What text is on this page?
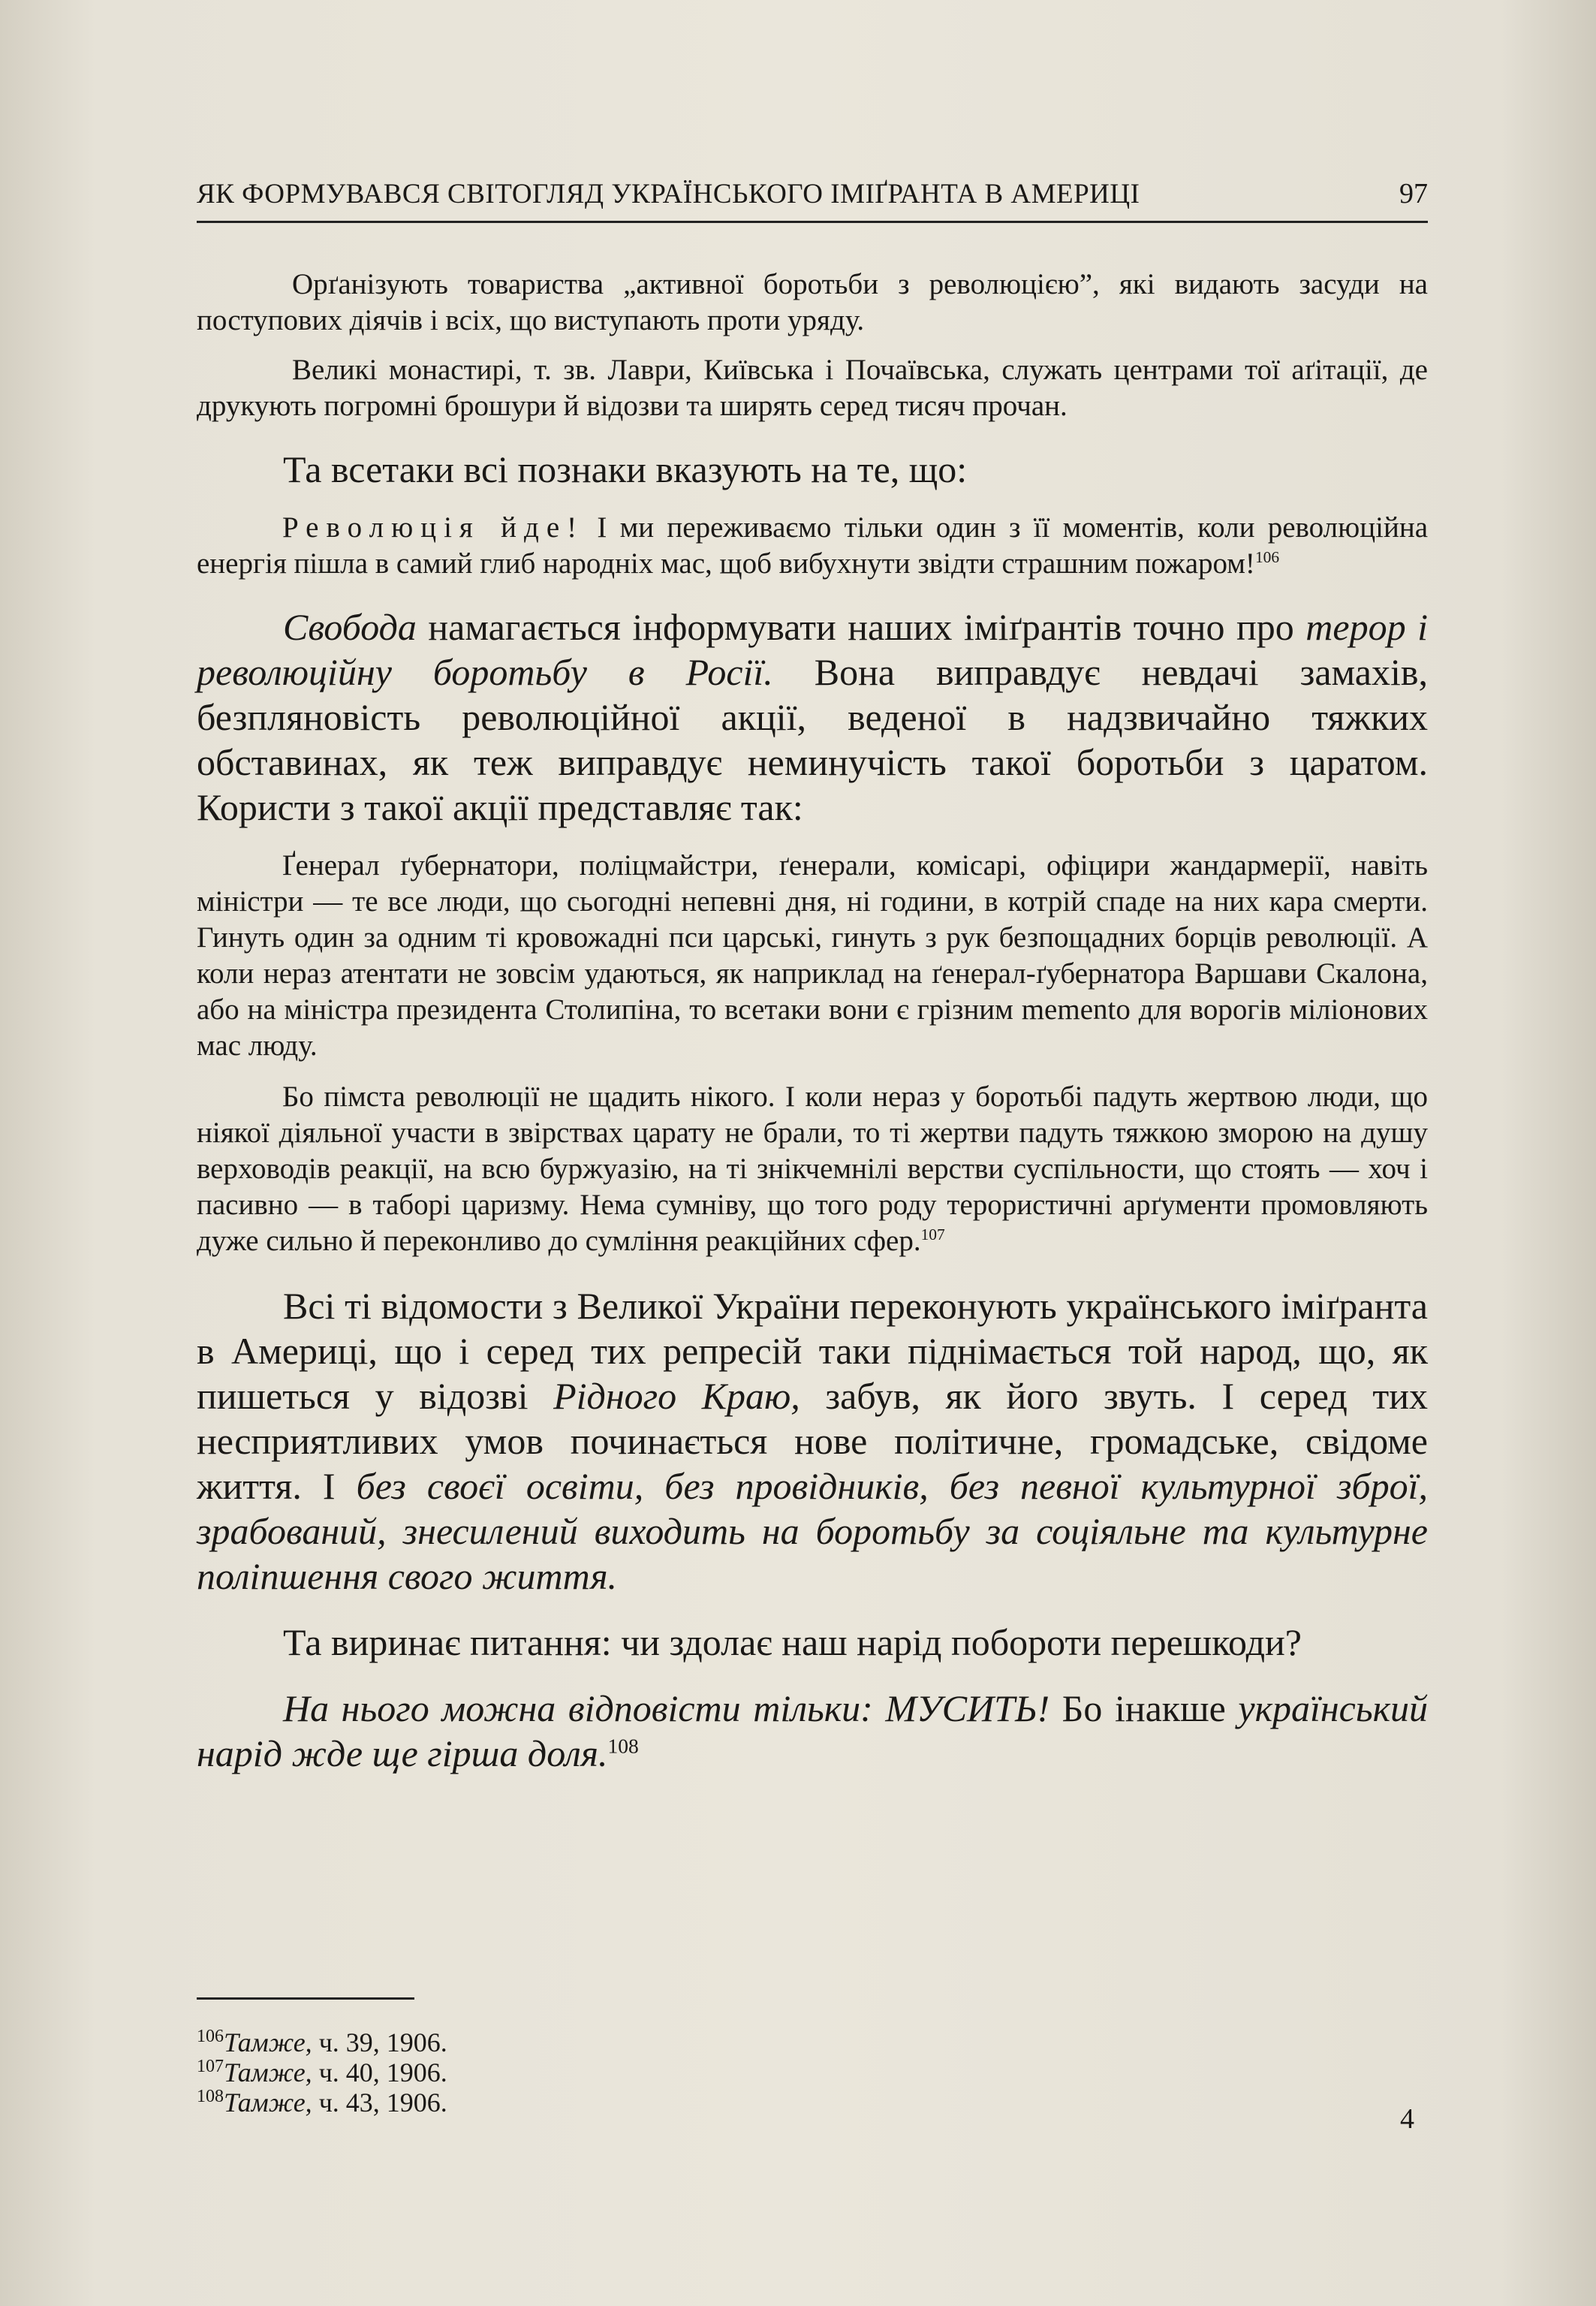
ЯК ФОРМУВАВСЯ СВІТОГЛЯД УКРАЇНСЬКОГО ІМІҐРАНТА В АМЕРИЦІ	97

Орґанізують товариства „активної боротьби з революцією”, які видають засуди на поступових діячів і всіх, що виступають проти уряду.

Великі монастирі, т. зв. Лаври, Київська і Почаївська, служать центрами тої аґітації, де друкують погромні брошури й відозви та ширять серед тисяч прочан.

Та всетаки всі познаки вказують на те, що:

Революція йде! І ми переживаємо тільки один з її моментів, коли революційна енергія пішла в самий глиб народніх мас, щоб вибухнути звідти страшним пожаром!$^{106}$

Свобода намагається інформувати наших іміґрантів точно про терор і революційну боротьбу в Росії. Вона виправдує невдачі замахів, безпляновість революційної акції, веденої в надзвичайно тяжких обставинах, як теж виправдує неминучість такої боротьби з царатом. Користи з такої акції представляє так:

Ґенерал ґубернатори, поліцмайстри, ґенерали, комісарі, офіцири жандармерії, навіть міністри — те все люди, що сьогодні непевні дня, ні години, в котрій спаде на них кара смерти. Гинуть один за одним ті кровожадні пси царські, гинуть з рук безпощадних борців революції. А коли нераз атентати не зовсім удаються, як наприклад на ґенерал-ґубернатора Варшави Скалона, або на міністра президента Столипіна, то всетаки вони є грізним memento для ворогів міліонових мас люду.

Бо пімста революції не щадить нікого. І коли нераз у боротьбі падуть жертвою люди, що ніякої діяльної участи в звірствах царату не брали, то ті жертви падуть тяжкою зморою на душу верховодів реакції, на всю буржуазію, на ті знікчемнілі верстви суспільности, що стоять — хоч і пасивно — в таборі царизму. Нема сумніву, що того роду терористичні арґументи промовляють дуже сильно й переконливо до сумління реакційних сфер.$^{107}$

Всі ті відомости з Великої України переконують українського іміґранта в Америці, що і серед тих репресій таки піднімається той народ, що, як пишеться у відозві Рідного Краю, забув, як його звуть. І серед тих несприятливих умов починається нове політичне, громадське, свідоме життя. І без своєї освіти, без провідників, без певної культурної зброї, зрабований, знесилений виходить на боротьбу за соціяльне та культурне поліпшення свого життя.

Та виринає питання: чи здолає наш нарід побороти перешкоди?

На нього можна відповісти тільки: МУСИТЬ! Бо інакше український нарід жде ще гірша доля.$^{108}$

$^{106}$Тамже, ч. 39, 1906.
$^{107}$Тамже, ч. 40, 1906.
$^{108}$Тамже, ч. 43, 1906.
4
